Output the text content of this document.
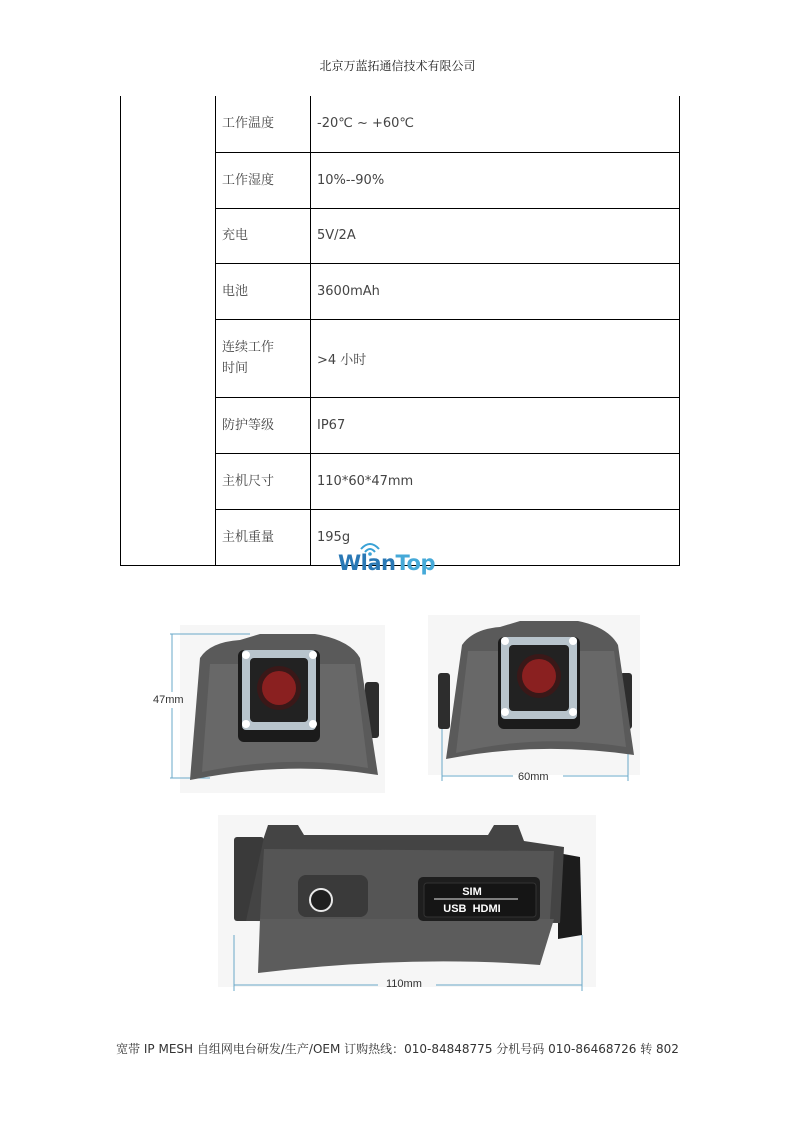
北京万蓝拓通信技术有限公司
	工作温度	-20℃ ~ +60℃
	工作湿度	10%--90%
	充电	5V/2A
	电池	3600mAh
	连续工作
时间	>4 小时
	防护等级	IP67
	主机尺寸	110*60*47mm
	主机重量	195g
WlanTop
47mm
60mm
SIM
USB  HDMI
110mm
宽带 IP MESH 自组网电台研发/生产/OEM 订购热线：010-84848775 分机号码 010-86468726 转 802
